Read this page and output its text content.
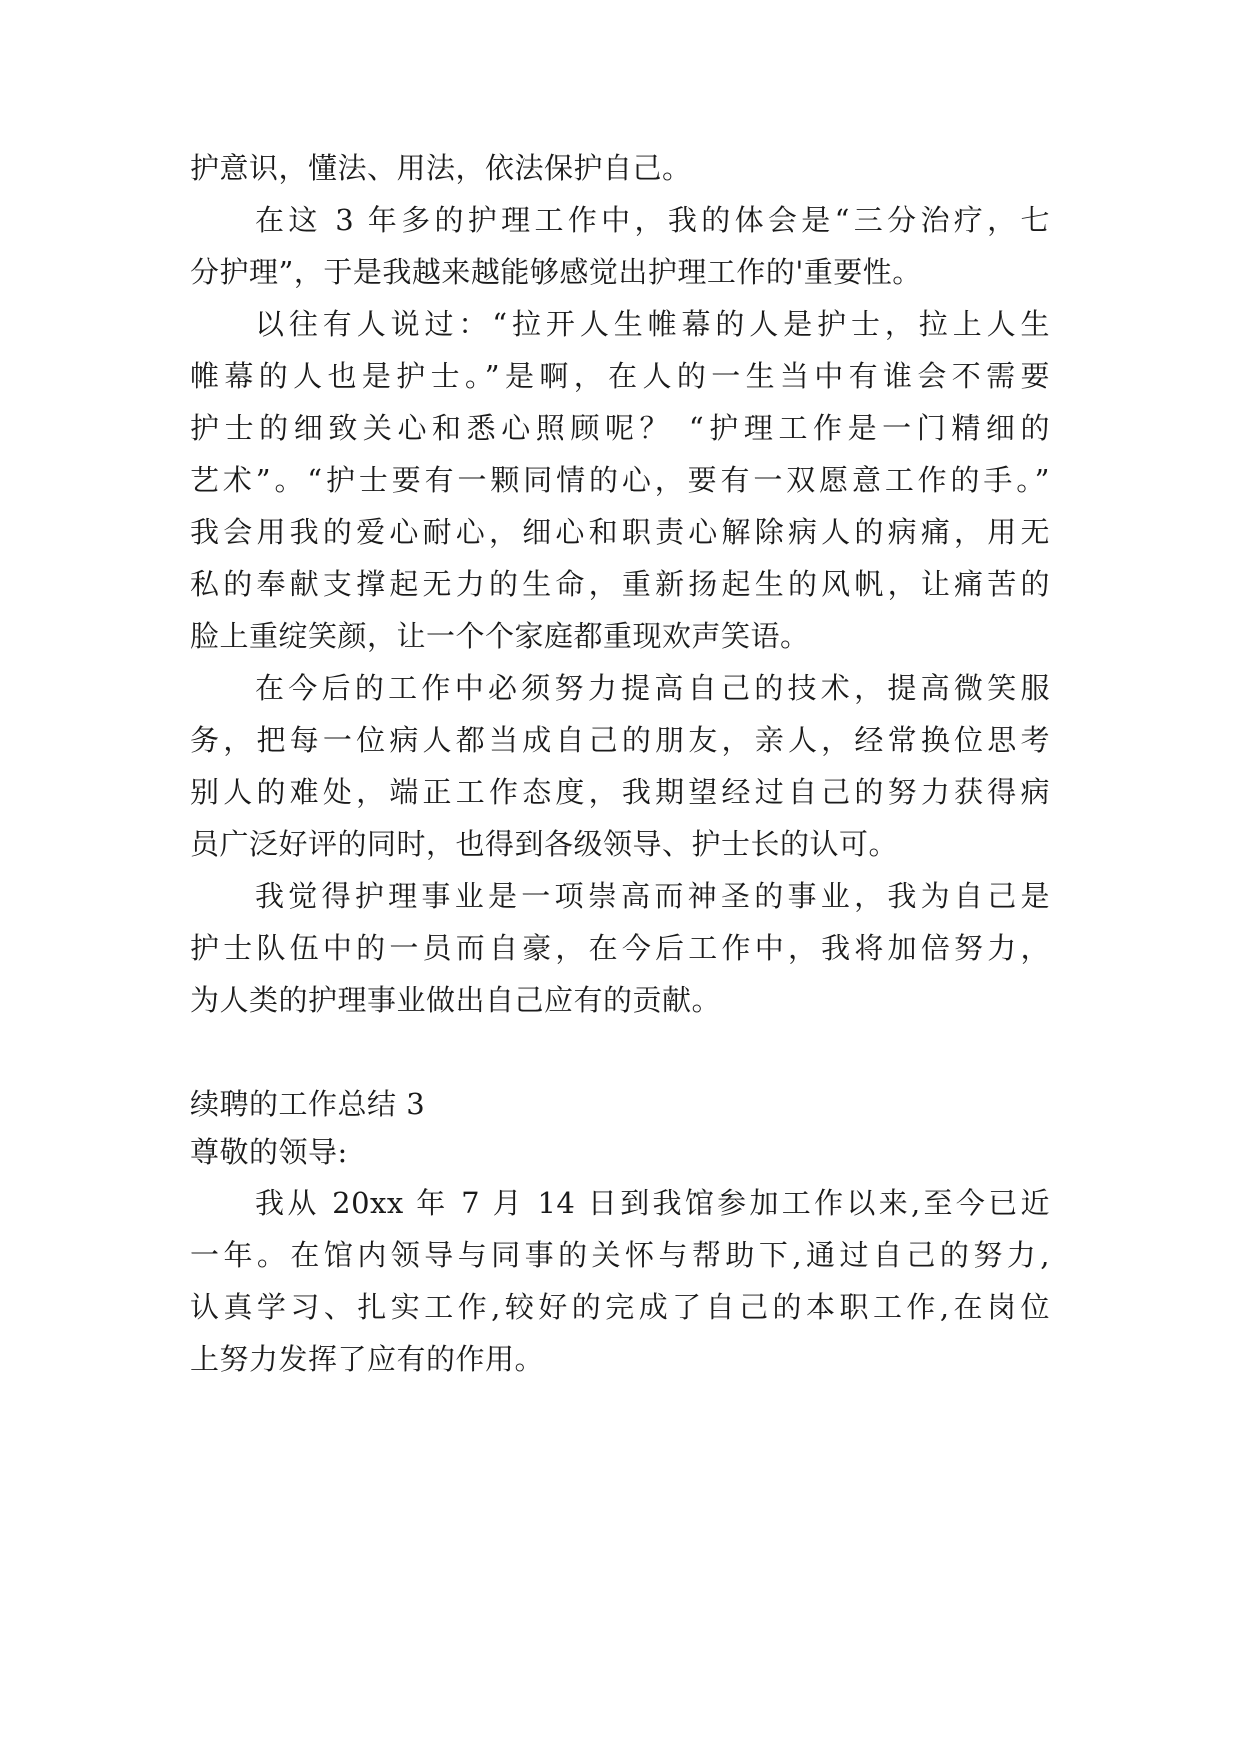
护意识，懂法、用法，依法保护自己。
在这 3 年多的护理工作中，我的体会是“三分治疗，七
分护理”，于是我越来越能够感觉出护理工作的'重要性。
以往有人说过：“拉开人生帷幕的人是护士，拉上人生
帷幕的人也是护士。”是啊，在人的一生当中有谁会不需要
护士的细致关心和悉心照顾呢？ “护理工作是一门精细的
艺术”。“护士要有一颗同情的心，要有一双愿意工作的手。”
我会用我的爱心耐心，细心和职责心解除病人的病痛，用无
私的奉献支撑起无力的生命，重新扬起生的风帆，让痛苦的
脸上重绽笑颜，让一个个家庭都重现欢声笑语。
在今后的工作中必须努力提高自己的技术，提高微笑服
务，把每一位病人都当成自己的朋友，亲人，经常换位思考
别人的难处，端正工作态度，我期望经过自己的努力获得病
员广泛好评的同时，也得到各级领导、护士长的认可。
我觉得护理事业是一项崇高而神圣的事业，我为自己是
护士队伍中的一员而自豪，在今后工作中，我将加倍努力，
为人类的护理事业做出自己应有的贡献。
续聘的工作总结 3
尊敬的领导:
我从 20xx 年 7 月 14 日到我馆参加工作以来,至今已近
一年。在馆内领导与同事的关怀与帮助下,通过自己的努力,
认真学习、扎实工作,较好的完成了自己的本职工作,在岗位
上努力发挥了应有的作用。
